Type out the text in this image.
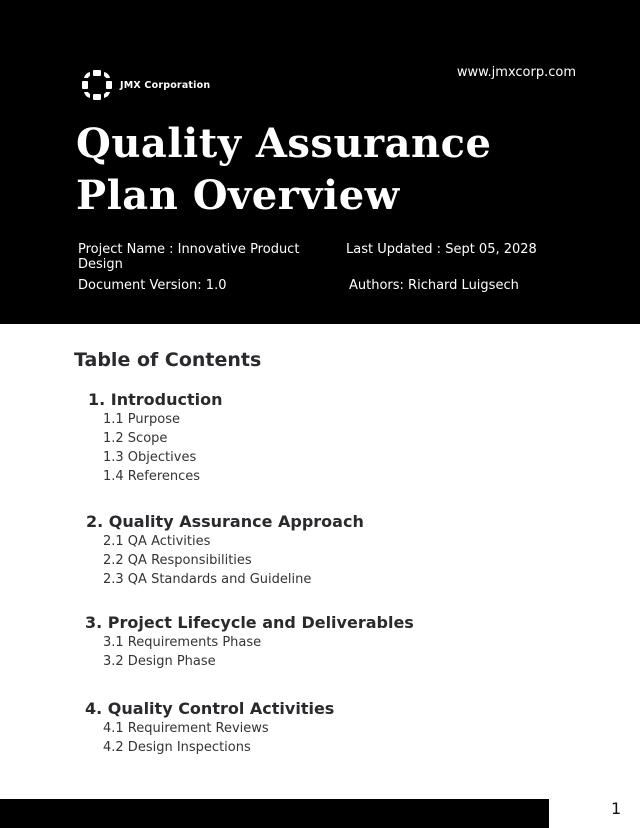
JMX Corporation
www.jmxcorp.com
Quality Assurance
Plan Overview
Project Name : Innovative Product Design
Document Version: 1.0
Last Updated : Sept 05, 2028
Authors: Richard Luigsech
Table of Contents
1. Introduction
1.1 Purpose
1.2 Scope
1.3 Objectives
1.4 References
2. Quality Assurance Approach
2.1 QA Activities
2.2 QA Responsibilities
2.3 QA Standards and Guideline
3. Project Lifecycle and Deliverables
3.1 Requirements Phase
3.2 Design Phase
4. Quality Control Activities
4.1 Requirement Reviews
4.2 Design Inspections
1
